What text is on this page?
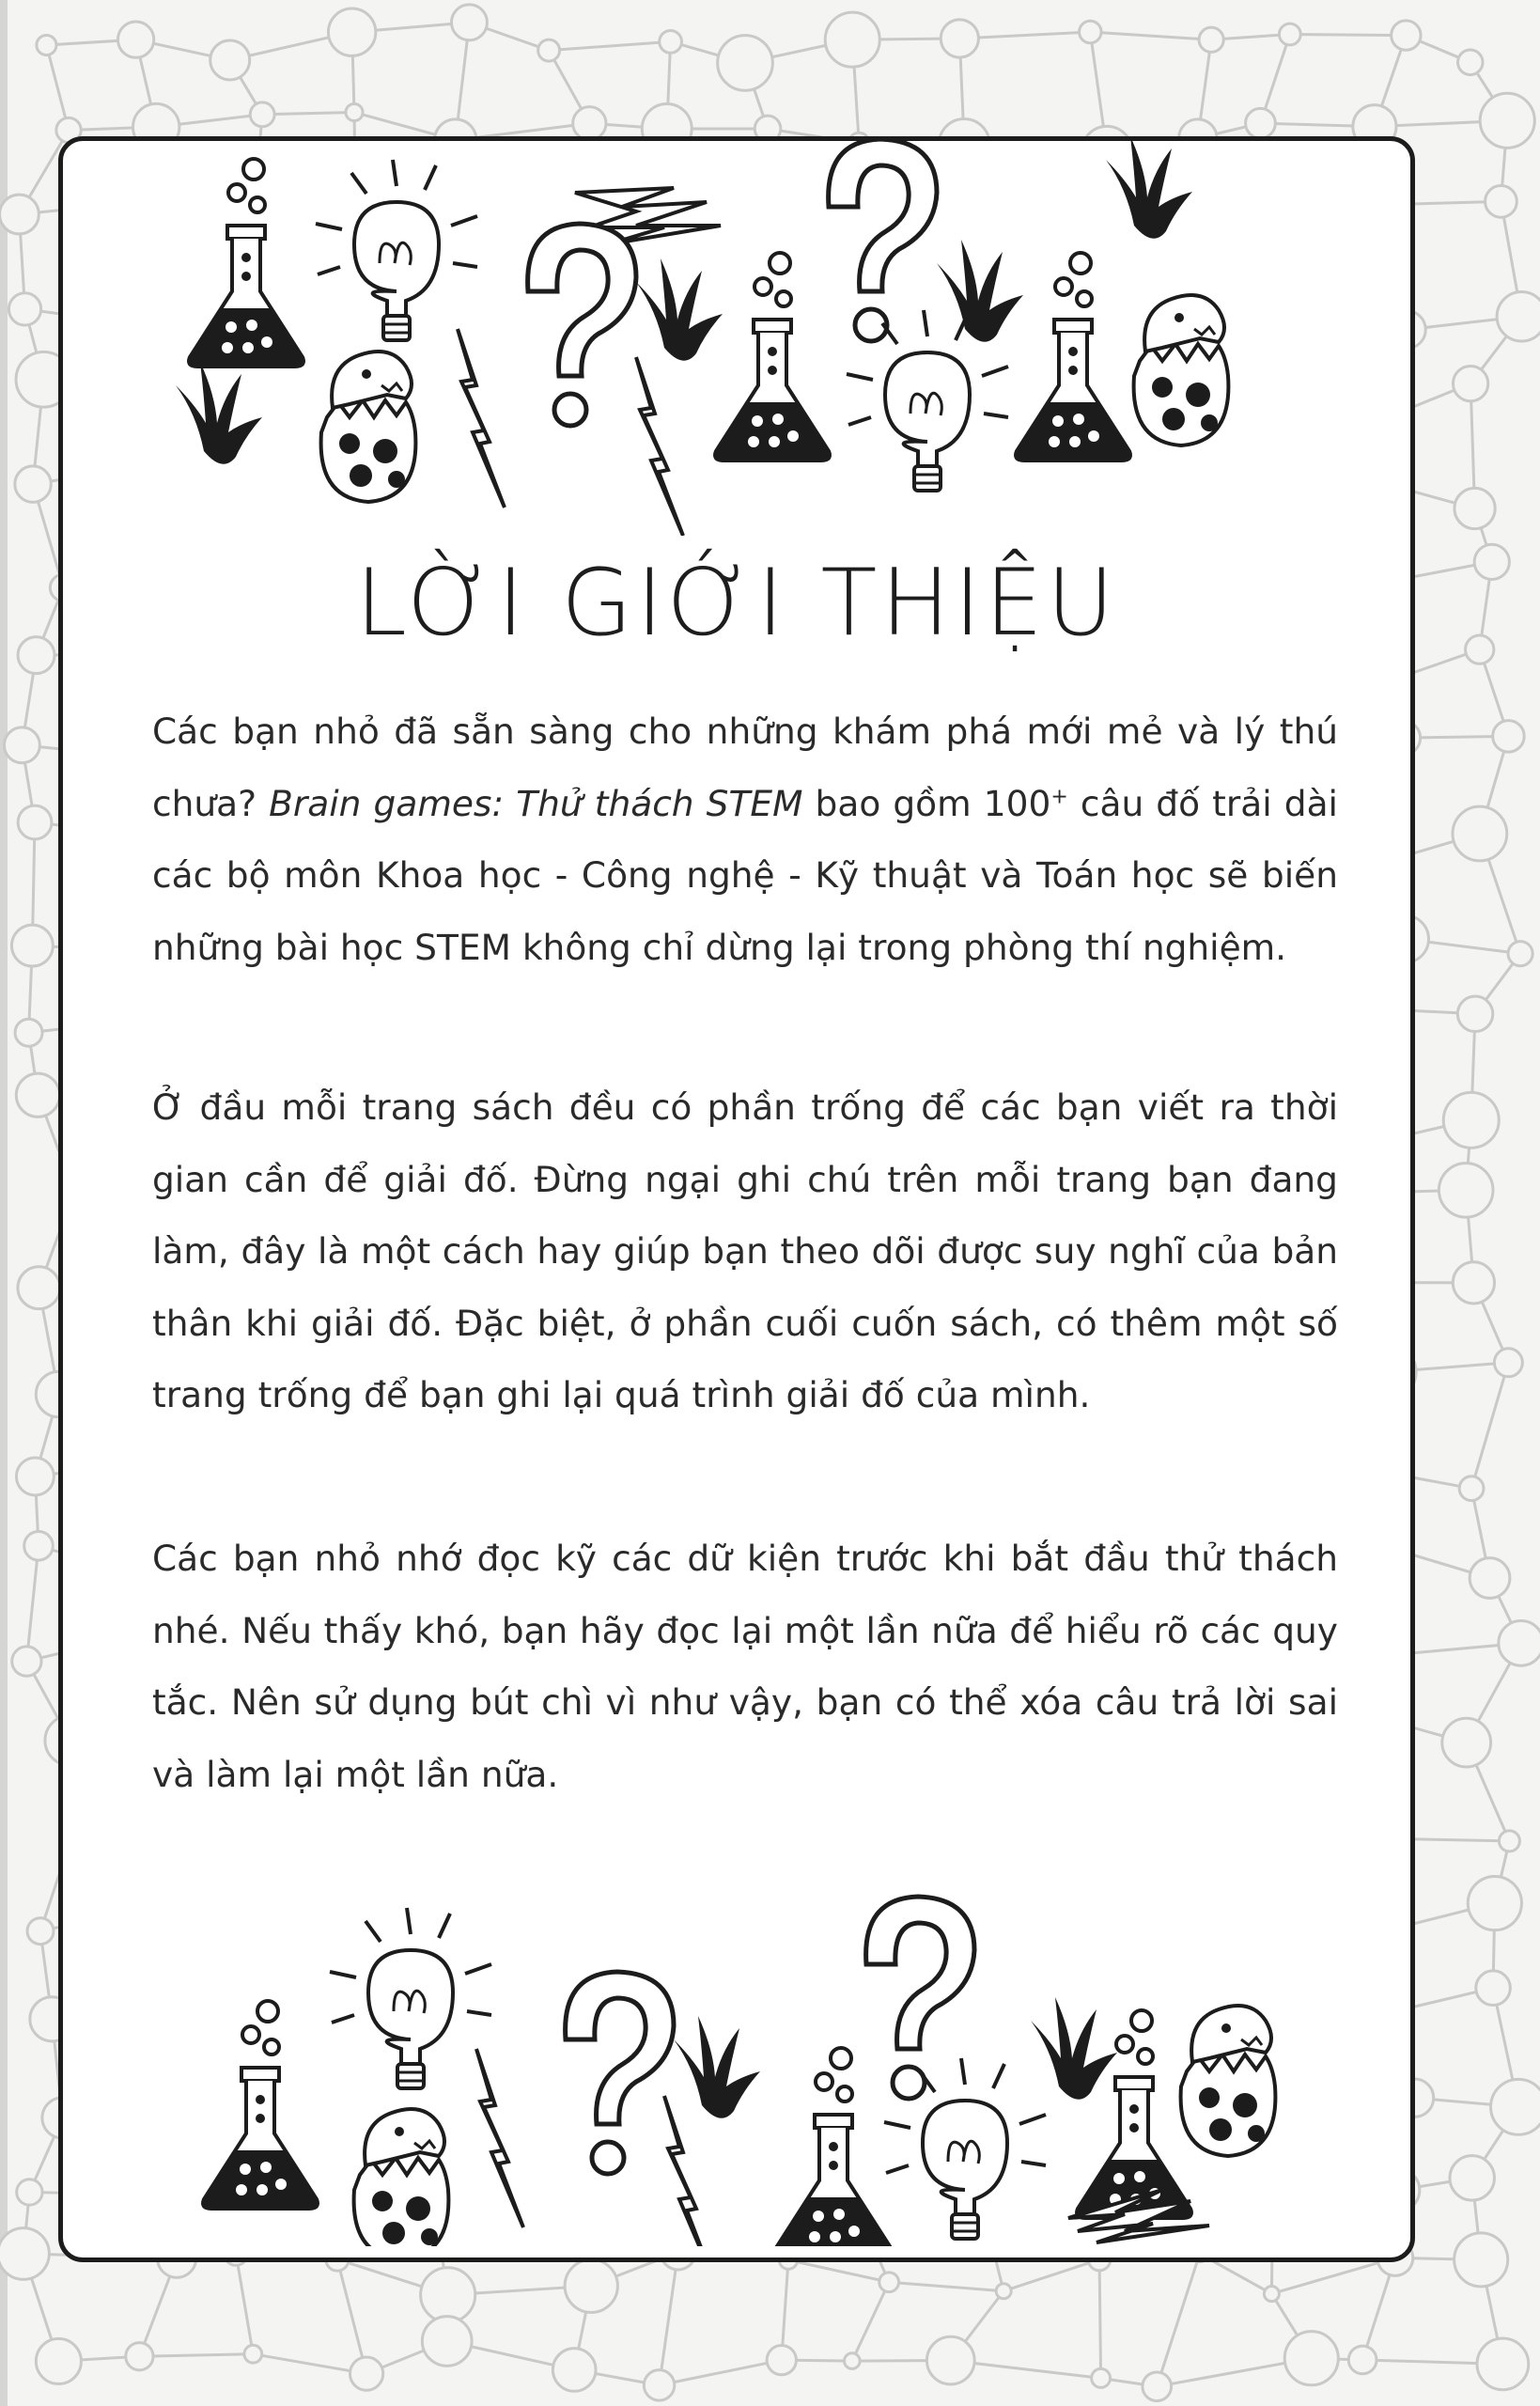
LỜI GIỚI THIỆU

Các bạn nhỏ đã sẵn sàng cho những khám phá mới mẻ và lý thú chưa? Brain games: Thử thách STEM bao gồm 100+ câu đố trải dài các bộ môn Khoa học - Công nghệ - Kỹ thuật và Toán học sẽ biến những bài học STEM không chỉ dừng lại trong phòng thí nghiệm.

Ở đầu mỗi trang sách đều có phần trống để các bạn viết ra thời gian cần để giải đố. Đừng ngại ghi chú trên mỗi trang bạn đang làm, đây là một cách hay giúp bạn theo dõi được suy nghĩ của bản thân khi giải đố. Đặc biệt, ở phần cuối cuốn sách, có thêm một số trang trống để bạn ghi lại quá trình giải đố của mình.

Các bạn nhỏ nhớ đọc kỹ các dữ kiện trước khi bắt đầu thử thách nhé. Nếu thấy khó, bạn hãy đọc lại một lần nữa để hiểu rõ các quy tắc. Nên sử dụng bút chì vì như vậy, bạn có thể xóa câu trả lời sai và làm lại một lần nữa.
